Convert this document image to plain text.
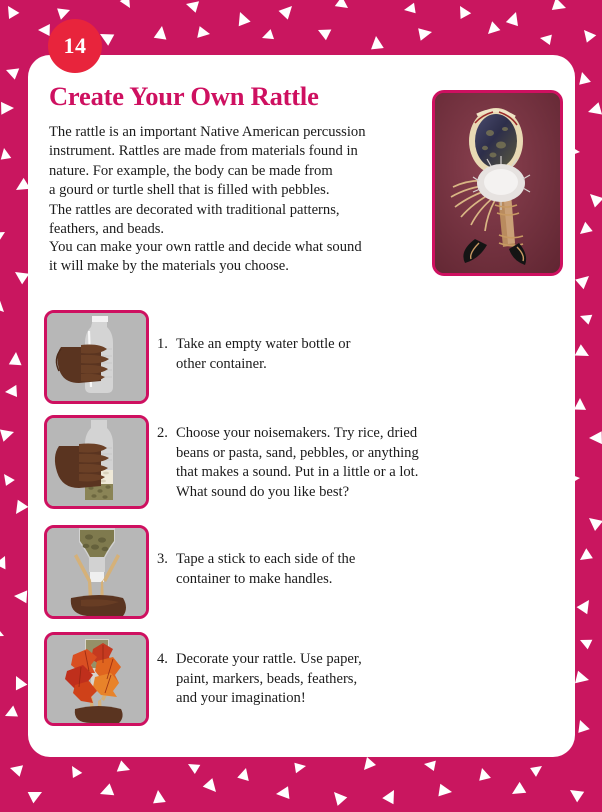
14
Create Your Own Rattle
The rattle is an important Native American percussion
instrument. Rattles are made from materials found in
nature. For example, the body can be made from
a gourd or turtle shell that is filled with pebbles.
The rattles are decorated with traditional patterns,
feathers, and beads.
You can make your own rattle and decide what sound
it will make by the materials you choose.
1. Take an empty water bottle or
other container.
2. Choose your noisemakers. Try rice, dried
beans or pasta, sand, pebbles, or anything
that makes a sound. Put in a little or a lot.
What sound do you like best?
3. Tape a stick to each side of the
container to make handles.
4. Decorate your rattle. Use paper,
paint, markers, beads, feathers,
and your imagination!
